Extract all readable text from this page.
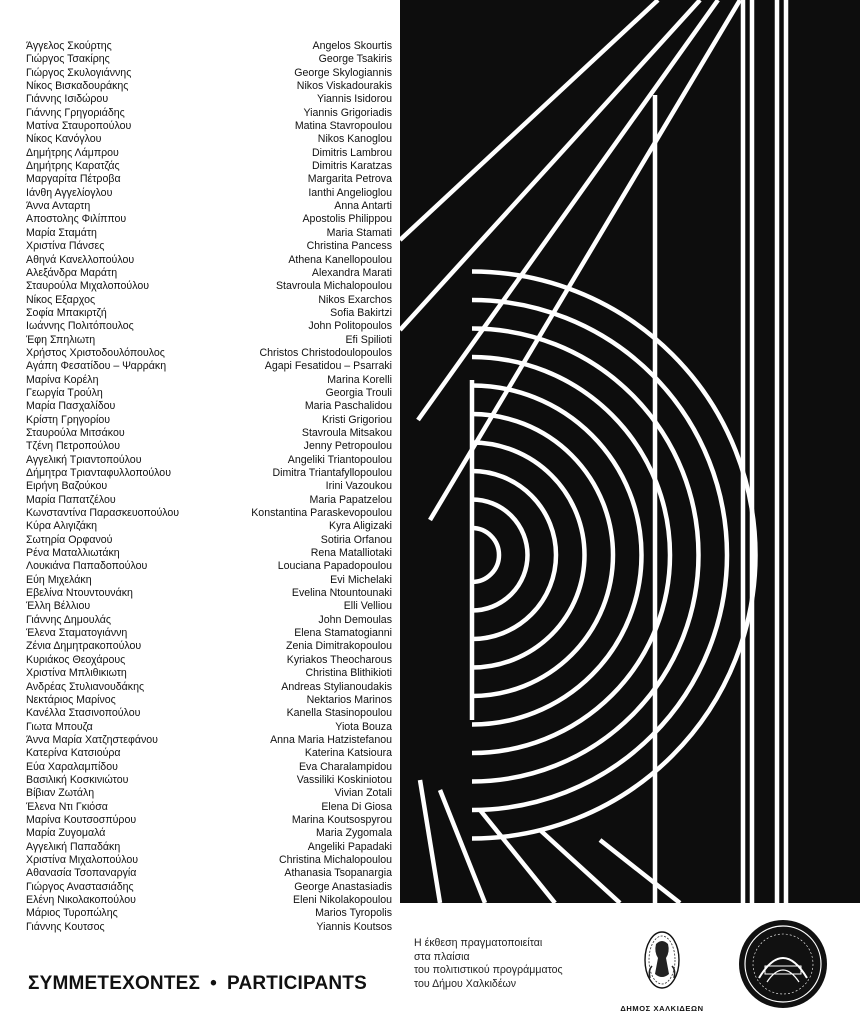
Άγγελος Σκούρτης	Angelos Skourtis
Γιώργος Τσακίρης	George Tsakiris
Γιώργος Σκυλογιάννης	George Skylogiannis
Νίκος Βισκαδουράκης	Nikos Viskadourakis
Γιάννης Ισιδώρου	Yiannis Isidorou
Γιάννης Γρηγοριάδης	Yiannis Grigoriadis
Ματίνα Σταυροπούλου	Matina Stavropoulou
Νίκος Κανόγλου	Nikos Kanoglou
Δημήτρης Λάμπρου	Dimitris Lambrou
Δημήτρης Καρατζάς	Dimitris Karatzas
Μαργαρίτα Πέτροβα	Margarita Petrova
Ιάνθη Αγγελίογλου	Ianthi Angelioglou
Άννα Ανταρτη	Anna Antarti
Αποστολης Φιλίππου	Apostolis Philippou
Μαρία Σταμάτη	Maria Stamati
Χριστίνα Πάνσες	Christina Pancess
Αθηνά Κανελλοπούλου	Athena Kanellopoulou
Αλεξάνδρα Μαράτη	Alexandra Marati
Σταυρούλα Μιχαλοπούλου	Stavroula Michalopoulou
Νίκος Εξαρχος	Nikos Exarchos
Σοφία Μπακιρτζή	Sofia Bakirtzi
Ιωάννης Πολιτόπουλος	John Politopoulos
Έφη Σπηλιωτη	Efi Spilioti
Χρήστος Χριστοδουλόπουλος	Christos Christodoulopoulos
Αγάπη Φεσατίδου – Ψαρράκη	Agapi Fesatidou – Psarraki
Μαρίνα Κορέλη	Marina Korelli
Γεωργία Τρούλη	Georgia Trouli
Μαρία Πασχαλίδου	Maria Paschalidou
Κρίστη Γρηγορίου	Kristi Grigoriou
Σταυρούλα Μιτσάκου	Stavroula Mitsakou
Τζένη Πετροπούλου	Jenny Petropoulou
Αγγελική Τριαντοπούλου	Angeliki Triantopoulou
Δήμητρα Τριανταφυλλοπούλου	Dimitra Triantafyllopoulou
Ειρήνη Βαζούκου	Irini Vazoukou
Μαρία Παπατζέλου	Maria Papatzelou
Κωνσταντίνα Παρασκευοπούλου	Konstantina Paraskevopoulou
Κύρα Αλιγιζάκη	Kyra Aligizaki
Σωτηρία Ορφανού	Sotiria Orfanou
Ρένα Ματαλλιωτάκη	Rena Matalliotaki
Λουκιάνα Παπαδοπούλου	Louciana Papadopoulou
Εύη Μιχελάκη	Evi Michelaki
Εβελίνα Ντουντουνάκη	Evelina Ntountounaki
Έλλη Βέλλιου	Elli Velliou
Γιάννης Δημουλάς	John Demoulas
Έλενα Σταματογιάννη	Elena Stamatogianni
Ζένια Δημητρακοπούλου	Zenia Dimitrakopoulou
Κυριάκος Θεοχάρους	Kyriakos Theocharous
Χριστίνα Μπλιθικιωτη	Christina Blithikioti
Ανδρέας Στυλιανουδάκης	Andreas Stylianoudakis
Νεκτάριος Μαρίνος	Nektarios Marinos
Κανέλλα Στασινοπούλου	Kanella Stasinopoulou
Γιωτα Μπουζα	Yiota Bouza
Άννα Μαρία Χατζηστεφάνου	Anna Maria Hatzistefanou
Κατερίνα Κατσιούρα	Katerina Katsioura
Εύα Χαραλαμπίδου	Eva Charalampidou
Βασιλική Κοσκινιώτου	Vassiliki Koskiniotou
Βίβιαν Ζωτάλη	Vivian Zotali
Έλενα Ντι Γκιόσα	Elena Di Giosa
Μαρίνα Κουτσοσπύρου	Marina Koutsospyrou
Μαρία Ζυγομαλά	Maria Zygomala
Αγγελική Παπαδάκη	Angeliki Papadaki
Χριστίνα Μιχαλοπούλου	Christina Michalopoulou
Αθανασία Τσοπαναργία	Athanasia Tsopanargia
Γιώργος Αναστασιάδης	George Anastasiadis
Ελένη Νικολακοπούλου	Eleni Nikolakopoulou
Μάριος Τυροπώλης	Marios Tyropolis
Γιάννης Κουτσος	Yiannis Koutsos
ΣΥΜΜΕΤΕΧΟΝΤΕΣ • PARTICIPANTS
Η έκθεση πραγματοποιείται
στα πλαίσια
του πολιτιστικού προγράμματος
του Δήμου Χαλκιδέων
ΔΗΜΟΣ ΧΑΛΚΙΔΕΩΝ
